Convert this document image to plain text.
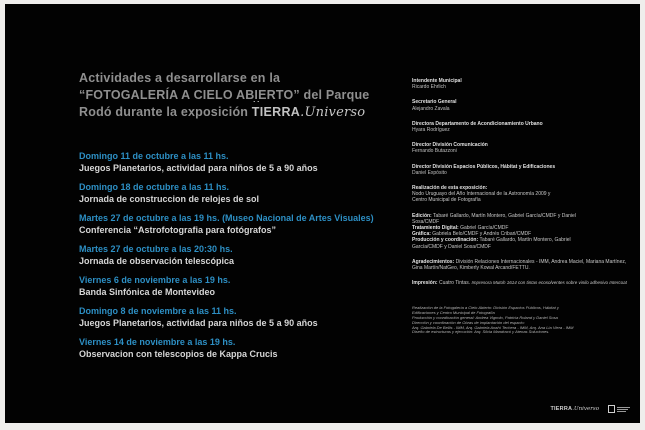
Actividades a desarrollarse en la
“FOTOGALERÍA A CIELO ABIERTO” del Parque
Rodó durante la exposición ˙˙ TIERRA.Universo
Domingo 11 de octubre a las 11 hs.
Juegos Planetarios, actividad para niños de 5 a 90 años
Domingo 18 de octubre a las 11 hs.
Jornada de construccion de relojes de sol
Martes 27 de octubre a las 19 hs. (Museo Nacional de Artes Visuales)
Conferencia “Astrofotografia para fotógrafos”
Martes 27 de octubre a las 20:30 hs.
Jornada de observación telescópica
Viernes 6 de noviembre a las 19 hs.
Banda Sinfónica de Montevideo
Domingo 8 de noviembre a las 11 hs.
Juegos Planetarios, actividad para niños de 5 a 90 años
Viernes 14 de noviembre a las 19 hs.
Observacion con telescopios de Kappa Crucis
Intendente Municipal
Ricardo Ehrlich
Secretario General
Alejandro Zavala
Directora Departamento de Acondicionamiento Urbano
Hyara Rodríguez
Director División Comunicación
Fernando Butazzoni
Director División Espacios Públicos, Hábitat y Edificaciones
Daniel Expósito
Realización de esta exposición:
Nodo Uruguayo del Año Internacional de la Astronomía 2009 y
Centro Municipal de Fotografía
Edición: Tabaré Gallardo, Martín Montero, Gabriel García/CMDF y Daniel Sosa/CMDF
Tratamiento Digital: Gabriel García/CMDF
Gráfica: Gabriela Belo/CMDF y Andrés Cribari/CMDF
Producción y coordinación: Tabaré Gallardo, Martín Montero, Gabriel García/CMDF y Daniel Sosa/CMDF
Agradecimientos: División Relaciones Internacionales - IMM, Andrea Maciel, Mariana Martínez, Gina Martín/NatGeo, Kimberly Kowal Arcand/FETTU.
Impresión: Cuatro Tintas. Impresora Mutoh 1614 con tintas ecosolventes sobre vinilo adhesivo Intercoat
Realización de la Fotogalería a Cielo Abierto: División Espacios Públicos, Hábitat y
Edificaciones y Centro Municipal de Fotografía
Producción y coordinación general: Andrea Vignolo, Patricia Roland y Daniel Sosa
Dirección y coordinación de Obras de implantación del espacio:
Arq. Gabriela De Bellis - IMM, Arq. Gabriela Anahí Techera - IMM, Arq. Ana Lía Viera - IMM
Diseño de estructuras y ejecución: Arq. Silvia Mandracó y Atenas Soluciones.
TIERRA.Universo
